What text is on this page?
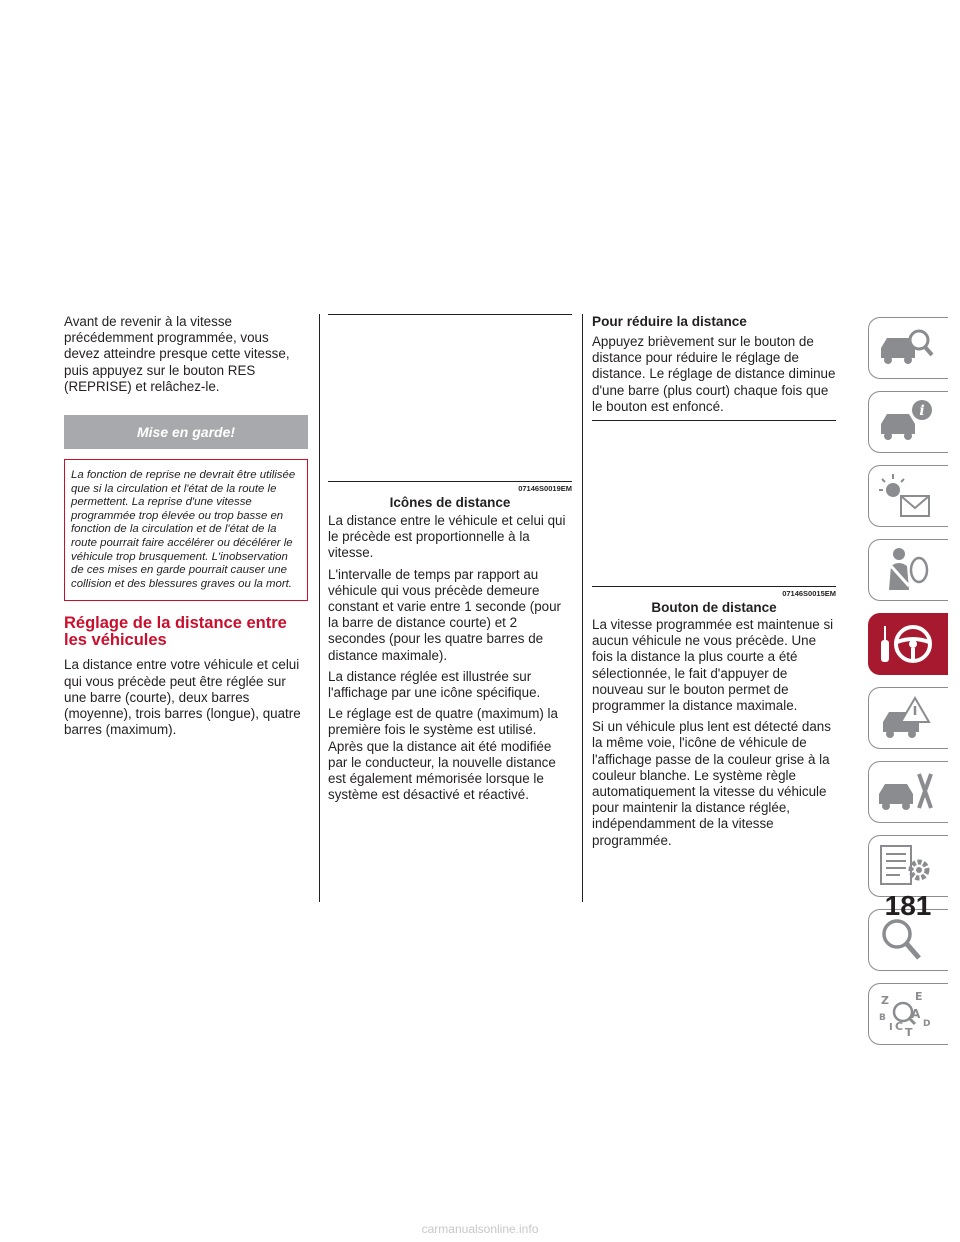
Avant de revenir à la vitesse précédemment programmée, vous devez atteindre presque cette vitesse, puis appuyez sur le bouton RES (REPRISE) et relâchez-le.

Mise en garde!
La fonction de reprise ne devrait être utilisée que si la circulation et l'état de la route le permettent. La reprise d'une vitesse programmée trop élevée ou trop basse en fonction de la circulation et de l'état de la route pourrait faire accélérer ou décélérer le véhicule trop brusquement. L'inobservation de ces mises en garde pourrait causer une collision et des blessures graves ou la mort.
Réglage de la distance entre les véhicules

La distance entre votre véhicule et celui qui vous précède peut être réglée sur une barre (courte), deux barres (moyenne), trois barres (longue), quatre barres (maximum).

07146S0019EM
Icônes de distance

La distance entre le véhicule et celui qui le précède est proportionnelle à la vitesse.

L'intervalle de temps par rapport au véhicule qui vous précède demeure constant et varie entre 1 seconde (pour la barre de distance courte) et 2 secondes (pour les quatre barres de distance maximale).

La distance réglée est illustrée sur l'affichage par une icône spécifique.

Le réglage est de quatre (maximum) la première fois le système est utilisé. Après que la distance ait été modifiée par le conducteur, la nouvelle distance est également mémorisée lorsque le système est désactivé et réactivé.

Pour réduire la distance

Appuyez brièvement sur le bouton de distance pour réduire le réglage de distance. Le réglage de distance diminue d'une barre (plus court) chaque fois que le bouton est enfoncé.

07146S0015EM
Bouton de distance

La vitesse programmée est maintenue si aucun véhicule ne vous précède. Une fois la distance la plus courte a été sélectionnée, le fait d'appuyer de nouveau sur le bouton permet de programmer la distance maximale.

Si un véhicule plus lent est détecté dans la même voie, l'icône de véhicule de l'affichage passe de la couleur grise à la couleur blanche. Le système règle automatiquement la vitesse du véhicule pour maintenir la distance réglée, indépendamment de la vitesse programmée.

i
Z E
B A
D
I C T
181
carmanualsonline.info
